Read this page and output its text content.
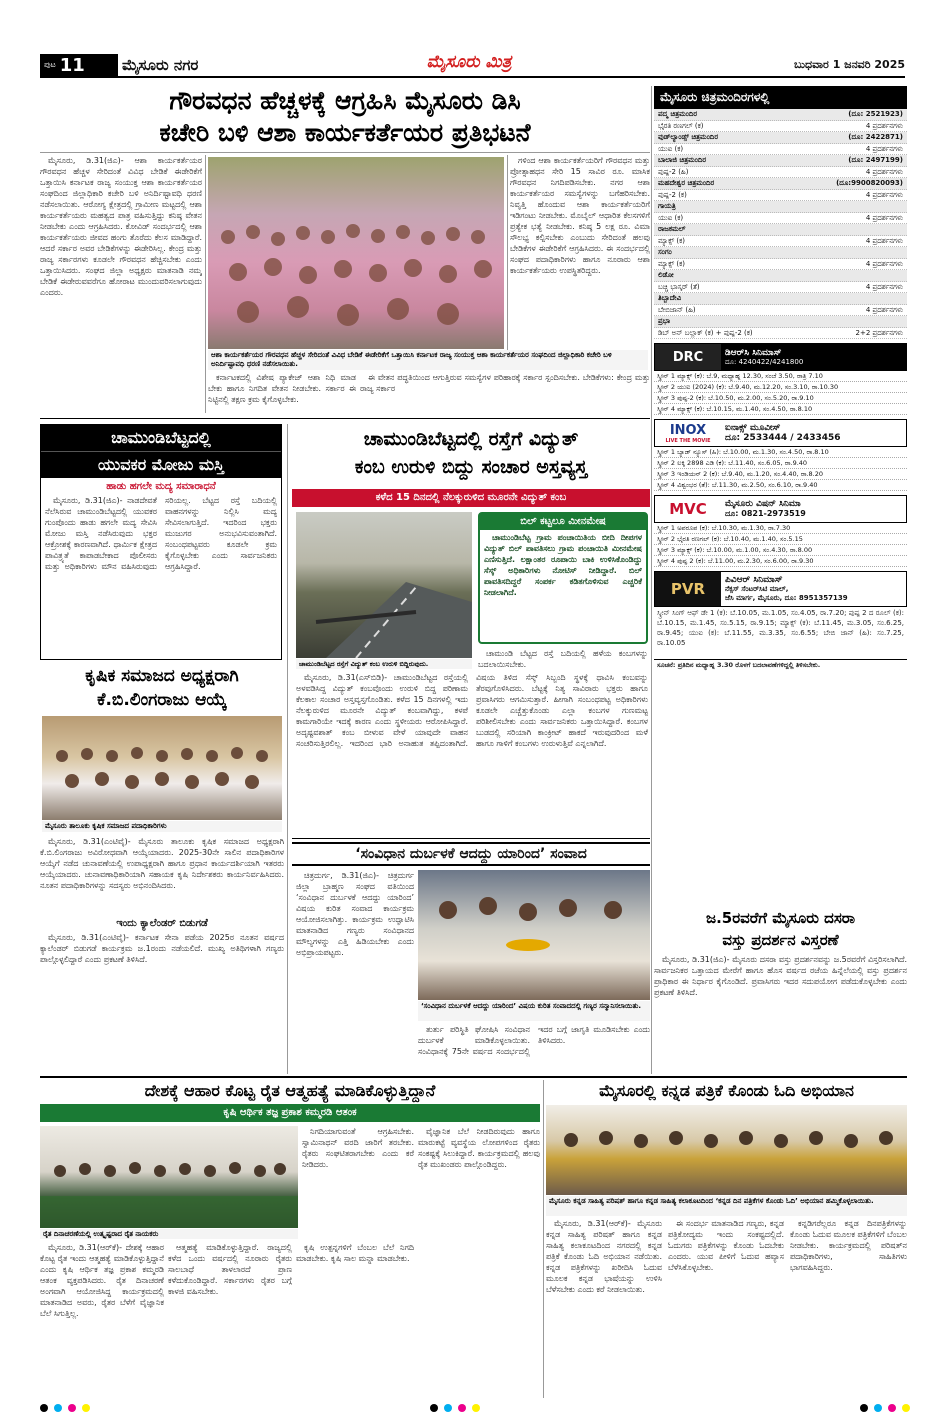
ಪುಟ 11 ಮೈಸೂರು ನಗರ	ಮೈಸೂರು ಮಿತ್ರ	ಬುಧವಾರ 1 ಜನವರಿ 2025
ಗೌರವಧನ ಹೆಚ್ಚಳಕ್ಕೆ ಆಗ್ರಹಿಸಿ ಮೈಸೂರು ಡಿಸಿ
ಕಚೇರಿ ಬಳಿ ಆಶಾ ಕಾರ್ಯಕರ್ತೆಯರ ಪ್ರತಿಭಟನೆ

ಮೈಸೂರು, ಡಿ.31(ಜಿಎ)- ಆಶಾ ಕಾರ್ಯಕರ್ತೆಯರ ಗೌರವಧನ ಹೆಚ್ಚಳ ಸೇರಿದಂತೆ ವಿವಿಧ ಬೇಡಿಕೆ ಈಡೇರಿಕೆಗೆ ಒತ್ತಾಯಿಸಿ ಕರ್ನಾಟಕ ರಾಜ್ಯ ಸಂಯುಕ್ತ ಆಶಾ ಕಾರ್ಯಕರ್ತೆಯರ ಸಂಘದಿಂದ ಜಿಲ್ಲಾಧಿಕಾರಿ ಕಚೇರಿ ಬಳಿ ಅನಿರ್ದಿಷ್ಟಾವಧಿ ಧರಣಿ ನಡೆಸಲಾಯಿತು. ಆರೋಗ್ಯ ಕ್ಷೇತ್ರದಲ್ಲಿ ಗ್ರಾಮೀಣ ಮಟ್ಟದಲ್ಲಿ ಆಶಾ ಕಾರ್ಯಕರ್ತೆಯರು ಮಹತ್ವದ ಪಾತ್ರ ವಹಿಸುತ್ತಿದ್ದು ಕನಿಷ್ಠ ವೇತನ ನೀಡಬೇಕು ಎಂದು ಆಗ್ರಹಿಸಿದರು. ಕೋವಿಡ್ ಸಂದರ್ಭದಲ್ಲಿ ಆಶಾ ಕಾರ್ಯಕರ್ತೆಯರು ಜೀವದ ಹಂಗು ತೊರೆದು ಕೆಲಸ ಮಾಡಿದ್ದಾರೆ. ಆದರೆ ಸರ್ಕಾರ ಅವರ ಬೇಡಿಕೆಗಳನ್ನು ಈಡೇರಿಸಿಲ್ಲ. ಕೇಂದ್ರ ಮತ್ತು ರಾಜ್ಯ ಸರ್ಕಾರಗಳು ಕೂಡಲೇ ಗೌರವಧನ ಹೆಚ್ಚಿಸಬೇಕು ಎಂದು ಒತ್ತಾಯಿಸಿದರು. ಸಂಘದ ಜಿಲ್ಲಾ ಅಧ್ಯಕ್ಷರು ಮಾತನಾಡಿ ನಮ್ಮ ಬೇಡಿಕೆ ಈಡೇರುವವರೆಗೂ ಹೋರಾಟ ಮುಂದುವರಿಸಲಾಗುವುದು ಎಂದರು.

ಆಶಾ ಕಾರ್ಯಕರ್ತೆಯರ ಗೌರವಧನ ಹೆಚ್ಚಳ ಸೇರಿದಂತೆ ವಿವಿಧ ಬೇಡಿಕೆ ಈಡೇರಿಕೆಗೆ ಒತ್ತಾಯಿಸಿ ಕರ್ನಾಟಕ ರಾಜ್ಯ ಸಂಯುಕ್ತ ಆಶಾ ಕಾರ್ಯಕರ್ತೆಯರ ಸಂಘದಿಂದ ಜಿಲ್ಲಾಧಿಕಾರಿ ಕಚೇರಿ ಬಳಿ ಅನಿರ್ದಿಷ್ಟಾವಧಿ ಧರಣಿ ನಡೆಸಲಾಯಿತು.

ಗಳಿಂದ ಆಶಾ ಕಾರ್ಯಕರ್ತೆಯರಿಗೆ ಗೌರವಧನ ಮತ್ತು ಪ್ರೋತ್ಸಾಹಧನ ಸೇರಿ 15 ಸಾವಿರ ರೂ. ಮಾಸಿಕ ಗೌರವಧನ ನಿಗದಿಪಡಿಸಬೇಕು. ನಗರ ಆಶಾ ಕಾರ್ಯಕರ್ತೆಯರ ಸಮಸ್ಯೆಗಳನ್ನು ಬಗೆಹರಿಸಬೇಕು. ನಿವೃತ್ತಿ ಹೊಂದುವ ಆಶಾ ಕಾರ್ಯಕರ್ತೆಯರಿಗೆ ಇಡಿಗಂಟು ನೀಡಬೇಕು. ಮೊಬೈಲ್ ಆಧಾರಿತ ಕೆಲಸಗಳಿಗೆ ಪ್ರತ್ಯೇಕ ಭತ್ಯೆ ನೀಡಬೇಕು. ಕನಿಷ್ಠ 5 ಲಕ್ಷ ರೂ. ವಿಮಾ ಸೌಲಭ್ಯ ಕಲ್ಪಿಸಬೇಕು ಎಂಬುದು ಸೇರಿದಂತೆ ಹಲವು ಬೇಡಿಕೆಗಳ ಈಡೇರಿಕೆಗೆ ಆಗ್ರಹಿಸಿದರು. ಈ ಸಂದರ್ಭದಲ್ಲಿ ಸಂಘದ ಪದಾಧಿಕಾರಿಗಳು ಹಾಗೂ ನೂರಾರು ಆಶಾ ಕಾರ್ಯಕರ್ತೆಯರು ಉಪಸ್ಥಿತರಿದ್ದರು.

ಕರ್ನಾಟಕದಲ್ಲಿ ವಿಶೇಷ ಪ್ಯಾಕೇಜ್ ಆಶಾ ನಿಧಿ ಮಾಡ ಬೇಕು ಹಾಗೂ ನಿಗದಿತ ವೇತನ ನೀಡಬೇಕು. ಸರ್ಕಾರ ಈ ನಿಟ್ಟಿನಲ್ಲಿ ತಕ್ಷಣ ಕ್ರಮ ಕೈಗೊಳ್ಳಬೇಕು.

ಈ ವೇತನ ಪದ್ಧತಿಯಿಂದ ಆಗುತ್ತಿರುವ ಸಮಸ್ಯೆಗಳ ಪರಿಹಾರಕ್ಕೆ ಸರ್ಕಾರ ಸ್ಪಂದಿಸಬೇಕು. ಬೇಡಿಕೆಗಳು: ಕೇಂದ್ರ ಮತ್ತು ರಾಜ್ಯ ಸರ್ಕಾರ

ಚಾಮುಂಡಿಬೆಟ್ಟದಲ್ಲಿ
ಯುವಕರ ಮೋಜು ಮಸ್ತಿ
ಹಾಡು ಹಗಲೇ ಮದ್ಯ ಸಮಾರಾಧನೆ

ಮೈಸೂರು, ಡಿ.31(ಜಿಎ)- ನಾಡದೇವತೆ ನೆಲೆಸಿರುವ ಚಾಮುಂಡಿಬೆಟ್ಟದಲ್ಲಿ ಯುವಕರ ಗುಂಪೊಂದು ಹಾಡು ಹಗಲೇ ಮದ್ಯ ಸೇವಿಸಿ ಮೋಜು ಮಸ್ತಿ ನಡೆಸಿರುವುದು ಭಕ್ತರ ಆಕ್ರೋಶಕ್ಕೆ ಕಾರಣವಾಗಿದೆ. ಧಾರ್ಮಿಕ ಕ್ಷೇತ್ರದ ಪಾವಿತ್ರ್ಯತೆ ಕಾಪಾಡಬೇಕಾದ ಪೊಲೀಸರು ಮತ್ತು ಅಧಿಕಾರಿಗಳು ಮೌನ ವಹಿಸಿರುವುದು ಸರಿಯಲ್ಲ. ಬೆಟ್ಟದ ರಸ್ತೆ ಬದಿಯಲ್ಲಿ ವಾಹನಗಳನ್ನು ನಿಲ್ಲಿಸಿ ಮದ್ಯ ಸೇವಿಸಲಾಗುತ್ತಿದೆ. ಇದರಿಂದ ಭಕ್ತರು ಮುಜುಗರ ಅನುಭವಿಸುವಂತಾಗಿದೆ. ಸಂಬಂಧಪಟ್ಟವರು ಕೂಡಲೇ ಕ್ರಮ ಕೈಗೊಳ್ಳಬೇಕು ಎಂದು ಸಾರ್ವಜನಿಕರು ಆಗ್ರಹಿಸಿದ್ದಾರೆ.

ಚಾಮುಂಡಿಬೆಟ್ಟದಲ್ಲಿ ರಸ್ತೆಗೆ ವಿದ್ಯುತ್
ಕಂಬ ಉರುಳಿ ಬಿದ್ದು ಸಂಚಾರ ಅಸ್ತವ್ಯಸ್ತ
ಕಳೆದ 15 ದಿನದಲ್ಲಿ ನೆಲಕ್ಕುರುಳಿದ ಮೂರನೇ ವಿದ್ಯುತ್ ಕಂಬ
ಚಾಮುಂಡಿಬೆಟ್ಟದ ರಸ್ತೆಗೆ ವಿದ್ಯುತ್ ಕಂಬ ಉರುಳಿ ಬಿದ್ದಿರುವುದು.
ಬಿಲ್ ಕಟ್ಟಲೂ ಮೀನಮೇಷ

ಚಾಮುಂಡಿಬೆಟ್ಟ ಗ್ರಾಮ ಪಂಚಾಯಿತಿಯ ಬೀದಿ ದೀಪಗಳ ವಿದ್ಯುತ್ ಬಿಲ್ ಪಾವತಿಸಲು ಗ್ರಾಮ ಪಂಚಾಯಿತಿ ಮೀನಮೇಷ ಎಣಿಸುತ್ತಿದೆ. ಲಕ್ಷಾಂತರ ರೂಪಾಯಿ ಬಾಕಿ ಉಳಿಸಿಕೊಂಡಿದ್ದು ಸೆಸ್ಕ್ ಅಧಿಕಾರಿಗಳು ನೋಟಿಸ್ ನೀಡಿದ್ದಾರೆ. ಬಿಲ್ ಪಾವತಿಸದಿದ್ದರೆ ಸಂಪರ್ಕ ಕಡಿತಗೊಳಿಸುವ ಎಚ್ಚರಿಕೆ ನೀಡಲಾಗಿದೆ.

ಮೈಸೂರು, ಡಿ.31(ಎಸ್‌ಬಿಡಿ)- ಚಾಮುಂಡಿಬೆಟ್ಟದ ರಸ್ತೆಯಲ್ಲಿ ಅಳವಡಿಸಿದ್ದ ವಿದ್ಯುತ್ ಕಂಬವೊಂದು ಉರುಳಿ ಬಿದ್ದ ಪರಿಣಾಮ ಕೆಲಕಾಲ ಸಂಚಾರ ಅಸ್ತವ್ಯಸ್ತಗೊಂಡಿತು. ಕಳೆದ 15 ದಿನಗಳಲ್ಲಿ ಇದು ನೆಲಕ್ಕುರುಳಿದ ಮೂರನೇ ವಿದ್ಯುತ್ ಕಂಬವಾಗಿದ್ದು, ಕಳಪೆ ಕಾಮಗಾರಿಯೇ ಇದಕ್ಕೆ ಕಾರಣ ಎಂದು ಸ್ಥಳೀಯರು ಆರೋಪಿಸಿದ್ದಾರೆ. ಅದೃಷ್ಟವಶಾತ್ ಕಂಬ ಬೀಳುವ ವೇಳೆ ಯಾವುದೇ ವಾಹನ ಸಂಚರಿಸುತ್ತಿರಲಿಲ್ಲ. ಇದರಿಂದ ಭಾರಿ ಅನಾಹುತ ತಪ್ಪಿದಂತಾಗಿದೆ. ವಿಷಯ ತಿಳಿದ ಸೆಸ್ಕ್ ಸಿಬ್ಬಂದಿ ಸ್ಥಳಕ್ಕೆ ಧಾವಿಸಿ ಕಂಬವನ್ನು ತೆರವುಗೊಳಿಸಿದರು. ಬೆಟ್ಟಕ್ಕೆ ನಿತ್ಯ ಸಾವಿರಾರು ಭಕ್ತರು ಹಾಗೂ ಪ್ರವಾಸಿಗರು ಆಗಮಿಸುತ್ತಾರೆ. ಹೀಗಾಗಿ ಸಂಬಂಧಪಟ್ಟ ಅಧಿಕಾರಿಗಳು ಕೂಡಲೇ ಎಚ್ಚೆತ್ತುಕೊಂಡು ಎಲ್ಲಾ ಕಂಬಗಳ ಗುಣಮಟ್ಟ ಪರಿಶೀಲಿಸಬೇಕು ಎಂದು ಸಾರ್ವಜನಿಕರು ಒತ್ತಾಯಿಸಿದ್ದಾರೆ. ಕಂಬಗಳ ಬುಡದಲ್ಲಿ ಸರಿಯಾಗಿ ಕಾಂಕ್ರೀಟ್ ಹಾಕದೆ ಇರುವುದರಿಂದ ಮಳೆ ಹಾಗೂ ಗಾಳಿಗೆ ಕಂಬಗಳು ಉರುಳುತ್ತಿವೆ ಎನ್ನಲಾಗಿದೆ.

ಚಾಮುಂಡಿ ಬೆಟ್ಟದ ರಸ್ತೆ ಬದಿಯಲ್ಲಿ ಹಳೆಯ ಕಂಬಗಳನ್ನು ಬದಲಾಯಿಸಬೇಕು.

ಕೃಷಿಕ ಸಮಾಜದ ಅಧ್ಯಕ್ಷರಾಗಿ
ಕೆ.ಬಿ.ಲಿಂಗರಾಜು ಆಯ್ಕೆ
ಮೈಸೂರು ತಾಲೂಕು ಕೃಷಿಕ ಸಮಾಜದ ಪದಾಧಿಕಾರಿಗಳು

ಮೈಸೂರು, ಡಿ.31(ಎಂಟಿವೈ)- ಮೈಸೂರು ತಾಲೂಕು ಕೃಷಿಕ ಸಮಾಜದ ಅಧ್ಯಕ್ಷರಾಗಿ ಕೆ.ಬಿ.ಲಿಂಗರಾಜು ಅವಿರೋಧವಾಗಿ ಆಯ್ಕೆಯಾದರು. 2025-30ನೇ ಸಾಲಿನ ಪದಾಧಿಕಾರಿಗಳ ಆಯ್ಕೆಗೆ ನಡೆದ ಚುನಾವಣೆಯಲ್ಲಿ ಉಪಾಧ್ಯಕ್ಷರಾಗಿ ಹಾಗೂ ಪ್ರಧಾನ ಕಾರ್ಯದರ್ಶಿಯಾಗಿ ಇತರರು ಆಯ್ಕೆಯಾದರು. ಚುನಾವಣಾಧಿಕಾರಿಯಾಗಿ ಸಹಾಯಕ ಕೃಷಿ ನಿರ್ದೇಶಕರು ಕಾರ್ಯನಿರ್ವಹಿಸಿದರು. ನೂತನ ಪದಾಧಿಕಾರಿಗಳನ್ನು ಸದಸ್ಯರು ಅಭಿನಂದಿಸಿದರು.

ಇಂದು ಕ್ಯಾಲೆಂಡರ್ ಬಿಡುಗಡೆ

ಮೈಸೂರು, ಡಿ.31(ಎಂಟಿವೈ)- ಕರ್ನಾಟಕ ಸೇನಾ ಪಡೆಯ 2025ರ ನೂತನ ವರ್ಷದ ಕ್ಯಾಲೆಂಡರ್ ಬಿಡುಗಡೆ ಕಾರ್ಯಕ್ರಮ ಜ.1ರಂದು ನಡೆಯಲಿದೆ. ಮುಖ್ಯ ಅತಿಥಿಗಳಾಗಿ ಗಣ್ಯರು ಪಾಲ್ಗೊಳ್ಳಲಿದ್ದಾರೆ ಎಂದು ಪ್ರಕಟಣೆ ತಿಳಿಸಿದೆ.

‘ಸಂವಿಧಾನ ದುರ್ಬಳಕೆ ಆದದ್ದು ಯಾರಿಂದ’ ಸಂವಾದ

ಚಿತ್ರದುರ್ಗ, ಡಿ.31(ಜಿಎ)- ಚಿತ್ರದುರ್ಗ ಜಿಲ್ಲಾ ಬ್ರಾಹ್ಮಣ ಸಂಘದ ವತಿಯಿಂದ ‘ಸಂವಿಧಾನ ದುರ್ಬಳಕೆ ಆದದ್ದು ಯಾರಿಂದ’ ವಿಷಯ ಕುರಿತ ಸಂವಾದ ಕಾರ್ಯಕ್ರಮ ಆಯೋಜಿಸಲಾಗಿತ್ತು. ಕಾರ್ಯಕ್ರಮ ಉದ್ಘಾಟಿಸಿ ಮಾತನಾಡಿದ ಗಣ್ಯರು ಸಂವಿಧಾನದ ಮೌಲ್ಯಗಳನ್ನು ಎತ್ತಿ ಹಿಡಿಯಬೇಕು ಎಂದು ಅಭಿಪ್ರಾಯಪಟ್ಟರು.

‘ಸಂವಿಧಾನ ದುರ್ಬಳಕೆ ಆದದ್ದು ಯಾರಿಂದ’ ವಿಷಯ ಕುರಿತ ಸಂವಾದದಲ್ಲಿ ಗಣ್ಯರ ಸನ್ಮಾನಿಸಲಾಯಿತು.

ತುರ್ತು ಪರಿಸ್ಥಿತಿ ಘೋಷಿಸಿ ಸಂವಿಧಾನ ದುರ್ಬಳಕೆ ಮಾಡಿಕೊಳ್ಳಲಾಯಿತು. ಸಂವಿಧಾನಕ್ಕೆ 75ನೇ ವರ್ಷದ ಸಂದರ್ಭದಲ್ಲಿ ಇದರ ಬಗ್ಗೆ ಜಾಗೃತಿ ಮೂಡಿಸಬೇಕು ಎಂದು ತಿಳಿಸಿದರು.

ಮೈಸೂರು ಚಿತ್ರಮಂದಿರಗಳಲ್ಲಿ
ಪದ್ಮ ಚಿತ್ರಮಂದಿರ	(ದೂ: 2521923)
ಭೈರತಿ ರಣಗಲ್ (ಕ)	4 ಪ್ರದರ್ಶನಗಳು
ವುಡ್‌ಲ್ಯಾಂಡ್ಸ್ ಚಿತ್ರಮಂದಿರ	(ದೂ: 2422871)
ಯುಐ (ಕ)	4 ಪ್ರದರ್ಶನಗಳು
ಬಾಲಾಜಿ ಚಿತ್ರಮಂದಿರ	(ದೂ: 2497199)
ಪುಷ್ಪ-2 (ಹಿ)	4 ಪ್ರದರ್ಶನಗಳು
ಮಹದೇಶ್ವರ ಚಿತ್ರಮಂದಿರ	(ದೂ:9900820093)
ಪುಷ್ಪ-2 (ಕ)	4 ಪ್ರದರ್ಶನಗಳು
ಗಾಯತ್ರಿ
ಯುಐ (ಕ)	4 ಪ್ರದರ್ಶನಗಳು
ರಾಜಕಮಲ್
ಮ್ಯಾಕ್ಸ್ (ಕ)	4 ಪ್ರದರ್ಶನಗಳು
ಸಂಗಂ
ಮ್ಯಾಕ್ಸ್ (ಕ)	4 ಪ್ರದರ್ಶನಗಳು
ಲಿಡೋ
ಬಚ್ಚಿ ಭಾಸ್ಕರ್ (ತೆ)	4 ಪ್ರದರ್ಶನಗಳು
ತಿಬ್ಬಾದೇವಿ
ಬೇಬಿಜಾನ್ (ಹಿ)	4 ಪ್ರದರ್ಶನಗಳು
ಪ್ರಭಾ
ಡಿಬ್ ಅನ್ ಬಲ್ಲಾಕ್‌ (ಕ) + ಪುಷ್ಪ-2 (ಕ)	2+2 ಪ್ರದರ್ಶನಗಳು
DRC	ಡಿಆರ್‌ಸಿ ಸಿನಿಮಾಸ್
ದೂ: 4240422/4241800
ಸ್ಕ್ರೀನ್ 1 ಮ್ಯಾಕ್ಸ್ (ಕ): ಬೆ.9, ಮಧ್ಯಾಹ್ನ 12.30, ಸಂಜೆ 3.50, ರಾತ್ರಿ 7.10
ಸ್ಕ್ರೀನ್ 2 ಯುಐ (2024) (ಕ): ಬೆ.9.40, ಮ.12.20, ಸಂ.3.10, ರಾ.10.30
ಸ್ಕ್ರೀನ್ 3 ಪುಷ್ಪ-2 (ಕ): ಬೆ.10.50, ಮ.2.00, ಸಂ.5.20, ರಾ.9.10
ಸ್ಕ್ರೀನ್ 4 ಮ್ಯಾಕ್ಸ್ (ಕ): ಬೆ.10.15, ಮ.1.40, ಸಂ.4.50, ರಾ.8.10
INOX
LIVE THE MOVIE
ಐನಾಕ್ಸ್ ಮೂವೀಸ್
ದೂ: 2533444 / 2433456
ಸ್ಕ್ರೀನ್ 1 ಬ್ಯಾಡ್ ನ್ಯೂಸ್ (ಹಿ): ಬೆ.10.00, ಮ.1.30, ಸಂ.4.50, ರಾ.8.10
ಸ್ಕ್ರೀನ್ 2 ಲಕ್ಕಿ 2898 ಎಡಿ (ಕ): ಬೆ.11.40, ಸಂ.6.05, ರಾ.9.40
ಸ್ಕ್ರೀನ್ 3 ಇಂಡಿಯನ್ 2 (ಕ): ಬೆ.9.40, ಮ.1.20, ಸಂ.4.40, ರಾ.8.20
ಸ್ಕ್ರೀನ್ 4 ವಿಶ್ವಂಭರ (ತೆ): ಬೆ.11.30, ಮ.2.50, ಸಂ.6.10, ರಾ.9.40
MVC	ಮೈಸೂರು ವಿಷನ್ ಸಿನಿಮಾ
ದೂ: 0821-2973519
ಸ್ಕ್ರೀನ್ 1 ಅಪರೂಪ (ಕ): ಬೆ.10.30, ಮ.1.30, ರಾ.7.30
ಸ್ಕ್ರೀನ್ 2 ಭೈರತಿ ರಣಗಲ್ (ಕ): ಬೆ.10.40, ಮ.1.40, ಸಂ.5.15
ಸ್ಕ್ರೀನ್ 3 ಮ್ಯಾಕ್ಸ್ (ಕ): ಬೆ.10.00, ಮ.1.00, ಸಂ.4.30, ರಾ.8.00
ಸ್ಕ್ರೀನ್ 4 ಪುಷ್ಪ 2 (ಕ): ಬೆ.11.00, ಮ.2.30, ಸಂ.6.00, ರಾ.9.30
PVR	ಪಿವಿಆರ್ ಸಿನಿಮಾಸ್
ನೆಕ್ಸಸ್ ಸೆಂಟರ್‌ಸಿಟಿ ಮಾಲ್,
ಜೆಸಿ ಮಾರ್ಗ, ಮೈಸೂರು, ದೂ: 8951357139
ಸ್ಕ್ರೀನ್ ಸಿಂಗ್ ಆಫ್ ಡೇ 1 (ಕ): ಬೆ.10.05, ಮ.1.05, ಸಂ.4.05, ರಾ.7.20; ಪುಷ್ಪ 2 ದ ರೂಲ್ (ಕ): ಬೆ.10.15, ಮ.1.45, ಸಂ.5.15, ರಾ.9.15; ಮ್ಯಾಕ್ಸ್ (ಕ): ಬೆ.11.45, ಮ.3.05, ಸಂ.6.25, ರಾ.9.45; ಯುಐ (ಕ): ಬೆ.11.55, ಮ.3.35, ಸಂ.6.55; ಬೇಬಿ ಜಾನ್ (ಹಿ): ಸಂ.7.25, ರಾ.10.05
ಸೂಚನೆ: ಪ್ರತಿದಿನ ಮಧ್ಯಾಹ್ನ 3.30 ರೊಳಗೆ ಬದಲಾವಣೆಗಳಿದ್ದಲ್ಲಿ ತಿಳಿಸಬೇಕು.
ಜ.5ರವರೆಗೆ ಮೈಸೂರು ದಸರಾ
ವಸ್ತು ಪ್ರದರ್ಶನ ವಿಸ್ತರಣೆ

ಮೈಸೂರು, ಡಿ.31(ಜಿಎ)- ಮೈಸೂರು ದಸರಾ ವಸ್ತು ಪ್ರದರ್ಶನವನ್ನು ಜ.5ರವರೆಗೆ ವಿಸ್ತರಿಸಲಾಗಿದೆ. ಸಾರ್ವಜನಿಕರ ಒತ್ತಾಯದ ಮೇರೆಗೆ ಹಾಗೂ ಹೊಸ ವರ್ಷದ ರಜೆಯ ಹಿನ್ನೆಲೆಯಲ್ಲಿ ವಸ್ತು ಪ್ರದರ್ಶನ ಪ್ರಾಧಿಕಾರ ಈ ನಿರ್ಧಾರ ಕೈಗೊಂಡಿದೆ. ಪ್ರವಾಸಿಗರು ಇದರ ಸದುಪಯೋಗ ಪಡೆದುಕೊಳ್ಳಬೇಕು ಎಂದು ಪ್ರಕಟಣೆ ತಿಳಿಸಿದೆ.

ದೇಶಕ್ಕೆ ಆಹಾರ ಕೊಟ್ಟ ರೈತ ಆತ್ಮಹತ್ಯೆ ಮಾಡಿಕೊಳ್ಳುತ್ತಿದ್ದಾನೆ
ಕೃಷಿ ಆರ್ಥಿಕ ತಜ್ಞ ಪ್ರಕಾಶ ಕಮ್ಮರಡಿ ಆತಂಕ
ರೈತ ದಿನಾಚರಣೆಯಲ್ಲಿ ಉತ್ಕೃಷ್ಟರಾದ ರೈತ ನಾಯಕರು

ನಿಗದಿಯಾಗುವಂತೆ ಆಗ್ರಹಿಸಬೇಕು. ಸ್ವಾಮಿನಾಥನ್ ವರದಿ ಜಾರಿಗೆ ತರಬೇಕು. ರೈತರು ಸಂಘಟಿತರಾಗಬೇಕು ಎಂದು ಕರೆ ನೀಡಿದರು.

ವೈಜ್ಞಾನಿಕ ಬೆಲೆ ನೀಡದಿರುವುದು ಹಾಗೂ ಮಾರುಕಟ್ಟೆ ವ್ಯವಸ್ಥೆಯ ಲೋಪಗಳಿಂದ ರೈತರು ಸಂಕಷ್ಟಕ್ಕೆ ಸಿಲುಕಿದ್ದಾರೆ. ಕಾರ್ಯಕ್ರಮದಲ್ಲಿ ಹಲವು ರೈತ ಮುಖಂಡರು ಪಾಲ್ಗೊಂಡಿದ್ದರು.

ಮೈಸೂರು, ಡಿ.31(ಆರ್‌ಕೆ)- ದೇಶಕ್ಕೆ ಆಹಾರ ಕೊಟ್ಟ ರೈತ ಇಂದು ಆತ್ಮಹತ್ಯೆ ಮಾಡಿಕೊಳ್ಳುತ್ತಿದ್ದಾನೆ ಎಂದು ಕೃಷಿ ಆರ್ಥಿಕ ತಜ್ಞ ಪ್ರಕಾಶ ಕಮ್ಮರಡಿ ಆತಂಕ ವ್ಯಕ್ತಪಡಿಸಿದರು. ರೈತ ದಿನಾಚರಣೆ ಅಂಗವಾಗಿ ಆಯೋಜಿಸಿದ್ದ ಕಾರ್ಯಕ್ರಮದಲ್ಲಿ ಮಾತನಾಡಿದ ಅವರು, ರೈತರ ಬೆಳೆಗೆ ವೈಜ್ಞಾನಿಕ ಬೆಲೆ ಸಿಗುತ್ತಿಲ್ಲ.

ಆತ್ಮಹತ್ಯೆ ಮಾಡಿಕೊಳ್ಳುತ್ತಿದ್ದಾರೆ. ರಾಜ್ಯದಲ್ಲಿ ಕಳೆದ ಒಂದು ವರ್ಷದಲ್ಲಿ ನೂರಾರು ರೈತರು ಸಾಲಬಾಧೆ ತಾಳಲಾರದೆ ಪ್ರಾಣ ಕಳೆದುಕೊಂಡಿದ್ದಾರೆ. ಸರ್ಕಾರಗಳು ರೈತರ ಬಗ್ಗೆ ಕಾಳಜಿ ವಹಿಸಬೇಕು.

ಕೃಷಿ ಉತ್ಪನ್ನಗಳಿಗೆ ಬೆಂಬಲ ಬೆಲೆ ನಿಗದಿ ಮಾಡಬೇಕು. ಕೃಷಿ ಸಾಲ ಮನ್ನಾ ಮಾಡಬೇಕು.

ಮೈಸೂರಲ್ಲಿ ಕನ್ನಡ ಪತ್ರಿಕೆ ಕೊಂಡು ಓದಿ ಅಭಿಯಾನ
ಮೈಸೂರು ಕನ್ನಡ ಸಾಹಿತ್ಯ ಪರಿಷತ್ ಹಾಗೂ ಕನ್ನಡ ಸಾಹಿತ್ಯ ಕಲಾಕೂಟದಿಂದ ‘ಕನ್ನಡ ದಿನ ಪತ್ರಿಕೆಗಳ ಕೊಂಡು ಓದಿ’ ಅಭಿಯಾನ ಹಮ್ಮಿಕೊಳ್ಳಲಾಯಿತು.

ಮೈಸೂರು, ಡಿ.31(ಆರ್‌ಕೆ)- ಮೈಸೂರು ಕನ್ನಡ ಸಾಹಿತ್ಯ ಪರಿಷತ್ ಹಾಗೂ ಕನ್ನಡ ಸಾಹಿತ್ಯ ಕಲಾಕೂಟದಿಂದ ನಗರದಲ್ಲಿ ಕನ್ನಡ ಪತ್ರಿಕೆ ಕೊಂಡು ಓದಿ ಅಭಿಯಾನ ನಡೆಯಿತು. ಕನ್ನಡ ಪತ್ರಿಕೆಗಳನ್ನು ಖರೀದಿಸಿ ಓದುವ ಮೂಲಕ ಕನ್ನಡ ಭಾಷೆಯನ್ನು ಉಳಿಸಿ ಬೆಳೆಸಬೇಕು ಎಂದು ಕರೆ ನೀಡಲಾಯಿತು.

ಈ ಸಂದರ್ಭ ಮಾತನಾಡಿದ ಗಣ್ಯರು, ಕನ್ನಡ ಪತ್ರಿಕೋದ್ಯಮ ಇಂದು ಸಂಕಷ್ಟದಲ್ಲಿದೆ. ಓದುಗರು ಪತ್ರಿಕೆಗಳನ್ನು ಕೊಂಡು ಓದಬೇಕು ಎಂದರು. ಯುವ ಪೀಳಿಗೆ ಓದುವ ಹವ್ಯಾಸ ಬೆಳೆಸಿಕೊಳ್ಳಬೇಕು.

ಕನ್ನಡಿಗರೆಲ್ಲರೂ ಕನ್ನಡ ದಿನಪತ್ರಿಕೆಗಳನ್ನು ಕೊಂಡು ಓದುವ ಮೂಲಕ ಪತ್ರಿಕೆಗಳಿಗೆ ಬೆಂಬಲ ನೀಡಬೇಕು. ಕಾರ್ಯಕ್ರಮದಲ್ಲಿ ಪರಿಷತ್‌ನ ಪದಾಧಿಕಾರಿಗಳು, ಸಾಹಿತಿಗಳು ಭಾಗವಹಿಸಿದ್ದರು.
